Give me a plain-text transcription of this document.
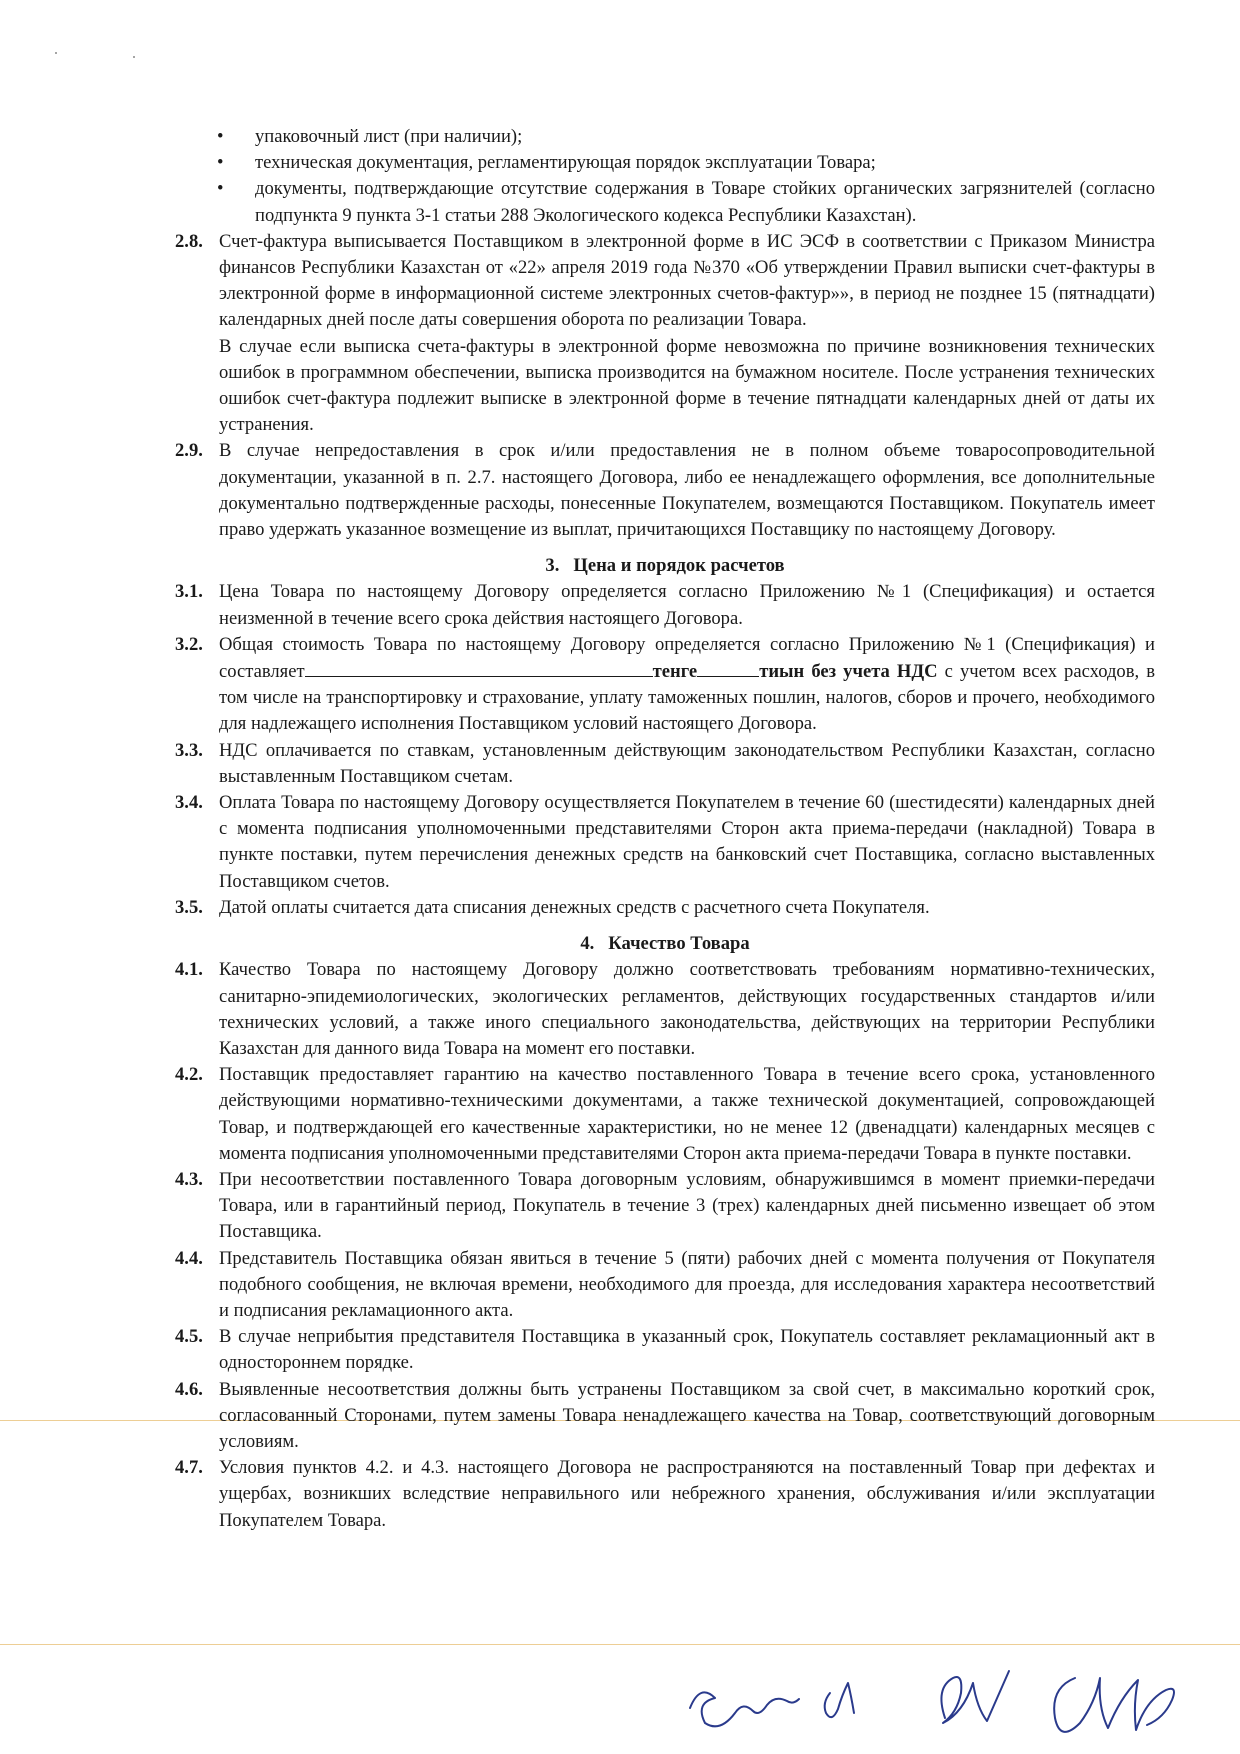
• упаковочный лист (при наличии);
• техническая документация, регламентирующая порядок эксплуатации Товара;
• документы, подтверждающие отсутствие содержания в Товаре стойких органических загрязнителей (согласно подпункта 9 пункта 3-1 статьи 288 Экологического кодекса Республики Казахстан).
2.8. Счет-фактура выписывается Поставщиком в электронной форме в ИС ЭСФ в соответствии с Приказом Министра финансов Республики Казахстан от «22» апреля 2019 года №370 «Об утверждении Правил выписки счет-фактуры в электронной форме в информационной системе электронных счетов-фактур»», в период не позднее 15 (пятнадцати) календарных дней после даты совершения оборота по реализации Товара.

В случае если выписка счета-фактуры в электронной форме невозможна по причине возникновения технических ошибок в программном обеспечении, выписка производится на бумажном носителе. После устранения технических ошибок счет-фактура подлежит выписке в электронной форме в течение пятнадцати календарных дней от даты их устранения.

2.9. В случае непредоставления в срок и/или предоставления не в полном объеме товаросопроводительной документации, указанной в п. 2.7. настоящего Договора, либо ее ненадлежащего оформления, все дополнительные документально подтвержденные расходы, понесенные Покупателем, возмещаются Поставщиком. Покупатель имеет право удержать указанное возмещение из выплат, причитающихся Поставщику по настоящему Договору.

3. Цена и порядок расчетов
3.1. Цена Товара по настоящему Договору определяется согласно Приложению №1 (Спецификация) и остается неизменной в течение всего срока действия настоящего Договора.

3.2. Общая стоимость Товара по настоящему Договору определяется согласно Приложению №1 (Спецификация) и составляет	тенге	тиын без учета НДС с учетом всех расходов, в том числе на транспортировку и страхование, уплату таможенных пошлин, налогов, сборов и прочего, необходимого для надлежащего исполнения Поставщиком условий настоящего Договора.

3.3. НДС оплачивается по ставкам, установленным действующим законодательством Республики Казахстан, согласно выставленным Поставщиком счетам.

3.4. Оплата Товара по настоящему Договору осуществляется Покупателем в течение 60 (шестидесяти) календарных дней с момента подписания уполномоченными представителями Сторон акта приема-передачи (накладной) Товара в пункте поставки, путем перечисления денежных средств на банковский счет Поставщика, согласно выставленных Поставщиком счетов.

3.5. Датой оплаты считается дата списания денежных средств с расчетного счета Покупателя.

4. Качество Товара
4.1. Качество Товара по настоящему Договору должно соответствовать требованиям нормативно-технических, санитарно-эпидемиологических, экологических регламентов, действующих государственных стандартов и/или технических условий, а также иного специального законодательства, действующих на территории Республики Казахстан для данного вида Товара на момент его поставки.

4.2. Поставщик предоставляет гарантию на качество поставленного Товара в течение всего срока, установленного действующими нормативно-техническими документами, а также технической документацией, сопровождающей Товар, и подтверждающей его качественные характеристики, но не менее 12 (двенадцати) календарных месяцев с момента подписания уполномоченными представителями Сторон акта приема-передачи Товара в пункте поставки.

4.3. При несоответствии поставленного Товара договорным условиям, обнаружившимся в момент приемки-передачи Товара, или в гарантийный период, Покупатель в течение 3 (трех) календарных дней письменно извещает об этом Поставщика.

4.4. Представитель Поставщика обязан явиться в течение 5 (пяти) рабочих дней с момента получения от Покупателя подобного сообщения, не включая времени, необходимого для проезда, для исследования характера несоответствий и подписания рекламационного акта.

4.5. В случае неприбытия представителя Поставщика в указанный срок, Покупатель составляет рекламационный акт в одностороннем порядке.

4.6. Выявленные несоответствия должны быть устранены Поставщиком за свой счет, в максимально короткий срок, согласованный Сторонами, путем замены Товара ненадлежащего качества на Товар, соответствующий договорным условиям.

4.7. Условия пунктов 4.2. и 4.3. настоящего Договора не распространяются на поставленный Товар при дефектах и ущербах, возникших вследствие неправильного или небрежного хранения, обслуживания и/или эксплуатации Покупателем Товара.
